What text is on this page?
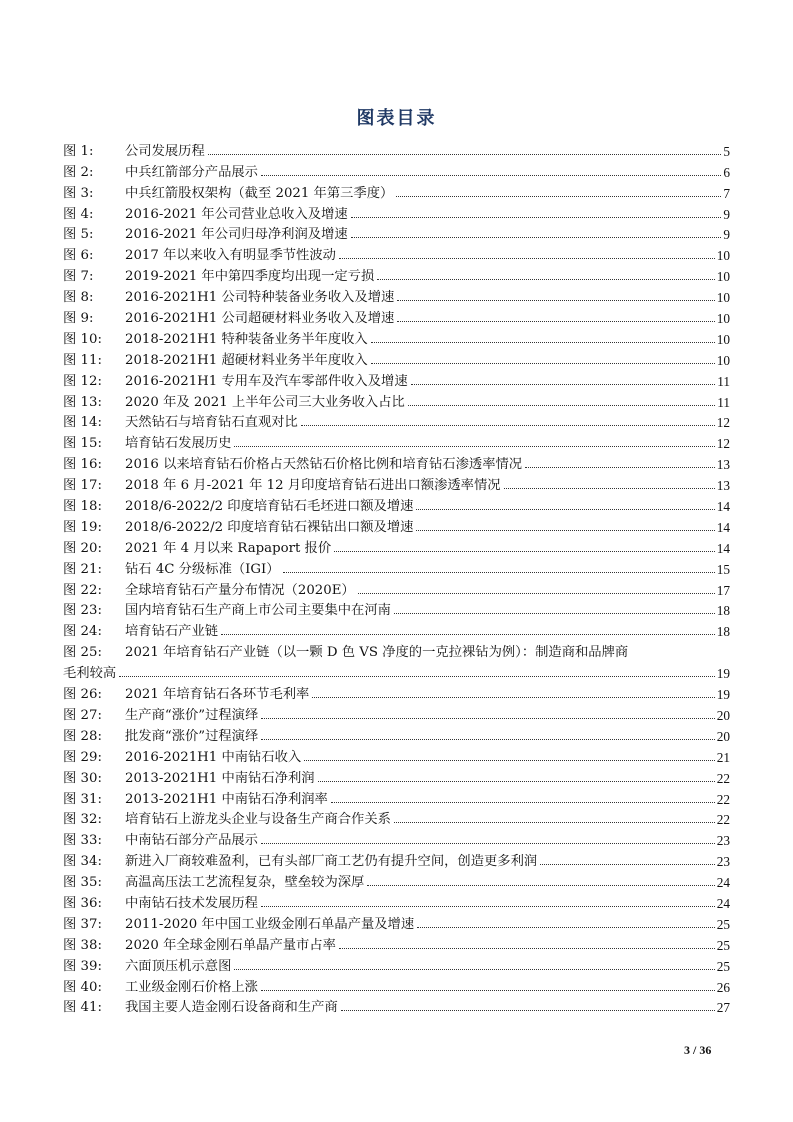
图表目录
图 1:	公司发展历程	5
图 2:	中兵红箭部分产品展示	6
图 3:	中兵红箭股权架构（截至 2021 年第三季度）	7
图 4:	2016-2021 年公司营业总收入及增速	9
图 5:	2016-2021 年公司归母净利润及增速	9
图 6:	2017 年以来收入有明显季节性波动	10
图 7:	2019-2021 年中第四季度均出现一定亏损	10
图 8:	2016-2021H1 公司特种装备业务收入及增速	10
图 9:	2016-2021H1 公司超硬材料业务收入及增速	10
图 10:	2018-2021H1 特种装备业务半年度收入	10
图 11:	2018-2021H1 超硬材料业务半年度收入	10
图 12:	2016-2021H1 专用车及汽车零部件收入及增速	11
图 13:	2020 年及 2021 上半年公司三大业务收入占比	11
图 14:	天然钻石与培育钻石直观对比	12
图 15:	培育钻石发展历史	12
图 16:	2016 以来培育钻石价格占天然钻石价格比例和培育钻石渗透率情况	13
图 17:	2018 年 6 月-2021 年 12 月印度培育钻石进出口额渗透率情况	13
图 18:	2018/6-2022/2 印度培育钻石毛坯进口额及增速	14
图 19:	2018/6-2022/2 印度培育钻石裸钻出口额及增速	14
图 20:	2021 年 4 月以来 Rapaport 报价	14
图 21:	钻石 4C 分级标准（IGI）	15
图 22:	全球培育钻石产量分布情况（2020E）	17
图 23:	国内培育钻石生产商上市公司主要集中在河南	18
图 24:	培育钻石产业链	18
图 25:	2021 年培育钻石产业链（以一颗 D 色 VS 净度的一克拉裸钻为例）：制造商和品牌商
毛利较高	19
图 26:	2021 年培育钻石各环节毛利率	19
图 27:	生产商“涨价”过程演绎	20
图 28:	批发商“涨价”过程演绎	20
图 29:	2016-2021H1 中南钻石收入	21
图 30:	2013-2021H1 中南钻石净利润	22
图 31:	2013-2021H1 中南钻石净利润率	22
图 32:	培育钻石上游龙头企业与设备生产商合作关系	22
图 33:	中南钻石部分产品展示	23
图 34:	新进入厂商较难盈利，已有头部厂商工艺仍有提升空间，创造更多利润	23
图 35:	高温高压法工艺流程复杂，壁垒较为深厚	24
图 36:	中南钻石技术发展历程	24
图 37:	2011-2020 年中国工业级金刚石单晶产量及增速	25
图 38:	2020 年全球金刚石单晶产量市占率	25
图 39:	六面顶压机示意图	25
图 40:	工业级金刚石价格上涨	26
图 41:	我国主要人造金刚石设备商和生产商	27
3 / 36
